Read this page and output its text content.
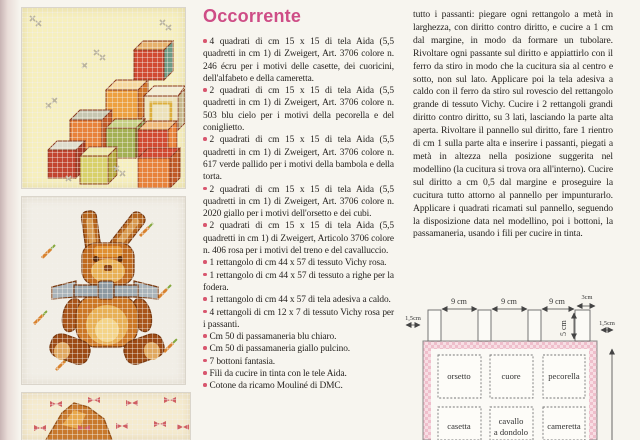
Occorrente
4 quadrati di cm 15 x 15 di tela Aida (5,5 quadretti in cm 1) di Zweigert, Art. 3706 colore n. 246 écru per i motivi delle casette, dei cuoricini, dell'alfabeto e della cameretta.
2 quadrati di cm 15 x 15 di tela Aida (5,5 quadretti in cm 1) di Zweigert, Art. 3706 colore n. 503 blu cielo per i motivi della pecorella e del coniglietto.
2 quadrati di cm 15 x 15 di tela Aida (5,5 quadretti in cm 1) di Zweigert, Art. 3706 colore n. 617 verde pallido per i motivi della bambola e della torta.
2 quadrati di cm 15 x 15 di tela Aida (5,5 quadretti in cm 1) di Zweigert, Art. 3706 colore n. 2020 giallo per i motivi dell'orsetto e dei cubi.
2 quadrati di cm 15 x 15 di tela Aida (5,5 quadretti in cm 1) di Zweigert, Articolo 3706 colore n. 406 rosa per i motivi del treno e del cavalluccio.
1 rettangolo di cm 44 x 57 di tessuto Vichy rosa.
1 rettangolo di cm 44 x 57 di tessuto a righe per la fodera.
1 rettangolo di cm 44 x 57 di tela adesiva a caldo.
4 rettangoli di cm 12 x 7 di tessuto Vichy rosa per i passanti.
Cm 50 di passamaneria blu chiaro.
Cm 50 di passamaneria giallo pulcino.
7 bottoni fantasia.
Fili da cucire in tinta con le tele Aida.
Cotone da ricamo Mouliné di DMC.
tutto i passanti: piegare ogni rettangolo a metà in larghezza, con diritto contro diritto, e cucire a 1 cm dal margine, in modo da formare un tubolare. Rivoltare ogni passante sul diritto e appiattirlo con il ferro da stiro in modo che la cucitura sia al centro e sotto, non sul lato. Applicare poi la tela adesiva a caldo con il ferro da stiro sul rovescio del rettangolo grande di tessuto Vichy. Cucire i 2 rettangoli grandi diritto contro diritto, su 3 lati, lasciando la parte alta aperta. Rivoltare il pannello sul diritto, fare 1 rientro di cm 1 sulla parte alta e inserire i passanti, piegati a metà in altezza nella posizione suggerita nel modellino (la cucitura si trova ora all'interno). Cucire sul diritto a cm 0,5 dal margine e proseguire la cucitura tutto attorno al pannello per impunturarlo. Applicare i quadrati ricamati sul pannello, seguendo la disposizione data nel modellino, poi i bottoni, la passamaneria, usando i fili per cucire in tinta.
9 cm	9 cm	9 cm	3cm
5 cm
1,5cm
1,5cm
orsetto	cuore	pecorella
casetta	cavallo
a dondolo
cameretta
